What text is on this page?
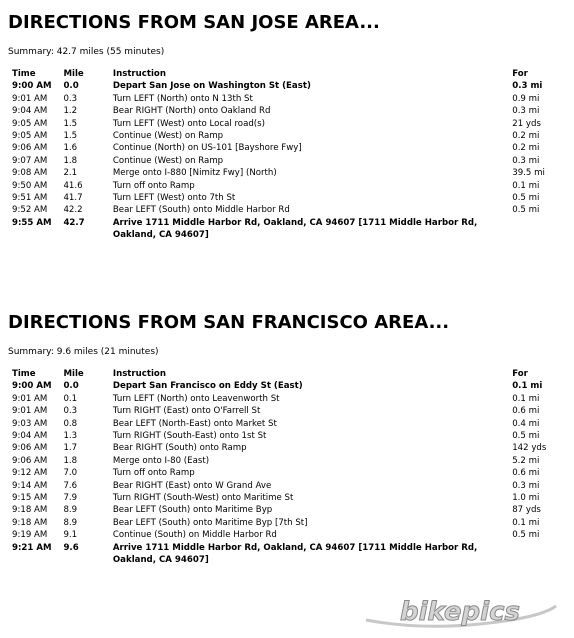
DIRECTIONS FROM SAN JOSE AREA...
Summary: 42.7 miles (55 minutes)
Time	Mile	Instruction	For
9:00 AM	0.0	Depart San Jose on Washington St (East)	0.3 mi
9:01 AM	0.3	Turn LEFT (North) onto N 13th St	0.9 mi
9:04 AM	1.2	Bear RIGHT (North) onto Oakland Rd	0.3 mi
9:05 AM	1.5	Turn LEFT (West) onto Local road(s)	21 yds
9:05 AM	1.5	Continue (West) on Ramp	0.2 mi
9:06 AM	1.6	Continue (North) on US-101 [Bayshore Fwy]	0.2 mi
9:07 AM	1.8	Continue (West) on Ramp	0.3 mi
9:08 AM	2.1	Merge onto I-880 [Nimitz Fwy] (North)	39.5 mi
9:50 AM	41.6	Turn off onto Ramp	0.1 mi
9:51 AM	41.7	Turn LEFT (West) onto 7th St	0.5 mi
9:52 AM	42.2	Bear LEFT (South) onto Middle Harbor Rd	0.5 mi
9:55 AM	42.7	Arrive 1711 Middle Harbor Rd, Oakland, CA 94607 [1711 Middle Harbor Rd, Oakland, CA 94607]	
DIRECTIONS FROM SAN FRANCISCO AREA...
Summary: 9.6 miles (21 minutes)
Time	Mile	Instruction	For
9:00 AM	0.0	Depart San Francisco on Eddy St (East)	0.1 mi
9:01 AM	0.1	Turn LEFT (North) onto Leavenworth St	0.1 mi
9:01 AM	0.3	Turn RIGHT (East) onto O'Farrell St	0.6 mi
9:03 AM	0.8	Bear LEFT (North-East) onto Market St	0.4 mi
9:04 AM	1.3	Turn RIGHT (South-East) onto 1st St	0.5 mi
9:06 AM	1.7	Bear RIGHT (South) onto Ramp	142 yds
9:06 AM	1.8	Merge onto I-80 (East)	5.2 mi
9:12 AM	7.0	Turn off onto Ramp	0.6 mi
9:14 AM	7.6	Bear RIGHT (East) onto W Grand Ave	0.3 mi
9:15 AM	7.9	Turn RIGHT (South-West) onto Maritime St	1.0 mi
9:18 AM	8.9	Bear LEFT (South) onto Maritime Byp	87 yds
9:18 AM	8.9	Bear LEFT (South) onto Maritime Byp [7th St]	0.1 mi
9:19 AM	9.1	Continue (South) on Middle Harbor Rd	0.5 mi
9:21 AM	9.6	Arrive 1711 Middle Harbor Rd, Oakland, CA 94607 [1711 Middle Harbor Rd, Oakland, CA 94607]	
bikepics
